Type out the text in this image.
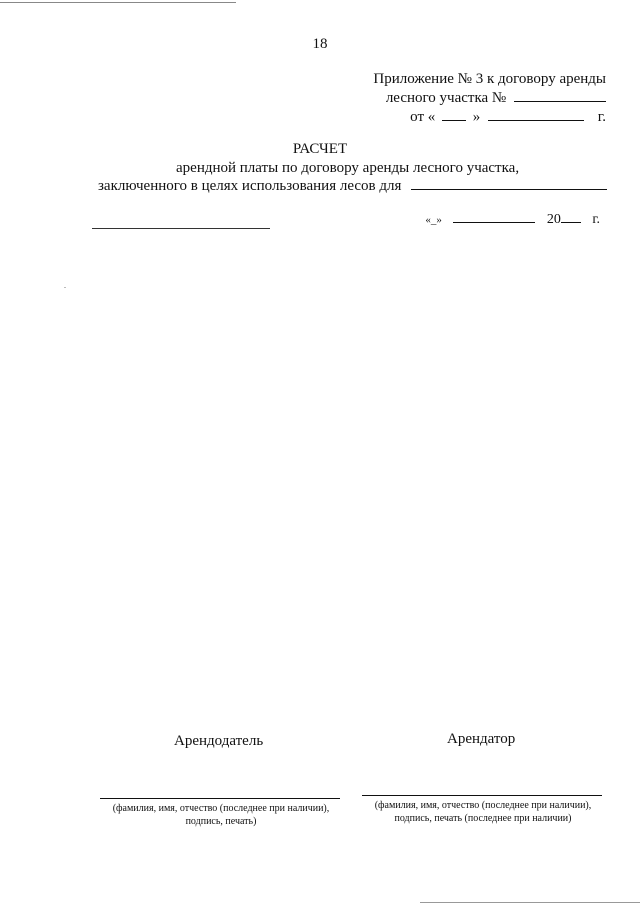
18
Приложение № 3 к договору аренды
лесного участка №
от «	»	г.
РАСЧЕТ
арендной платы по договору аренды лесного участка,
заключенного в целях использования лесов для
«_»	20 г.
Арендодатель	Арендатор
(фамилия, имя, отчество (последнее при наличии),
подпись, печать)
(фамилия, имя, отчество (последнее при наличии),
подпись, печать (последнее при наличии)
